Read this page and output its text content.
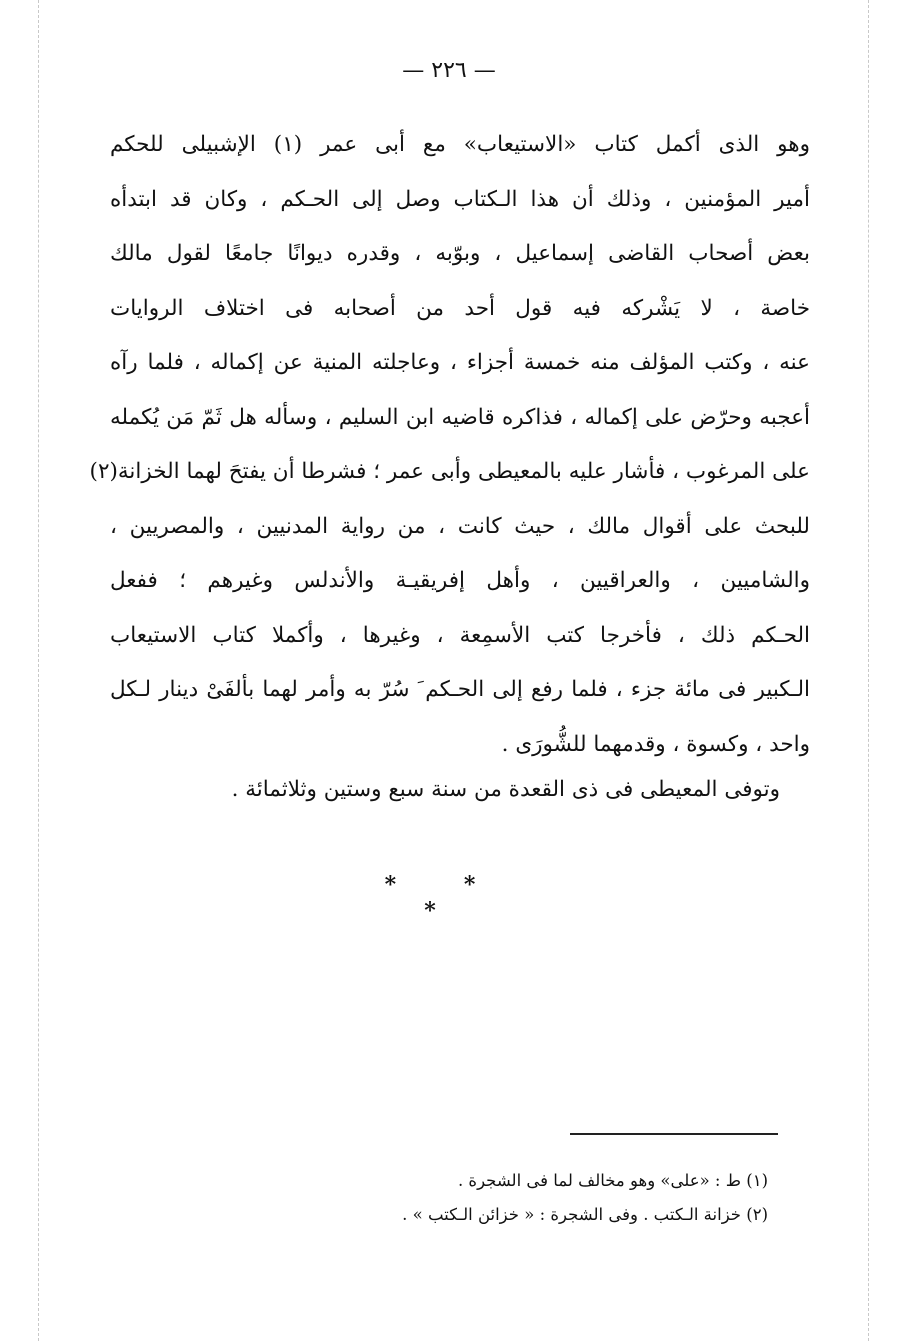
— ٢٢٦ —
وهو الذى أكمل كتاب «الاستيعاب» مع أبى عمر (١) الإشبيلى للحكم
أمير المؤمنين ، وذلك أن هذا الـكتاب وصل إلى الحـكم ، وكان قد ابتدأه
بعض أصحاب القاضى إسماعيل ، وبوّبه ، وقدره ديوانًا جامعًا لقول مالك
خاصة ، لا يَشْركه فيه قول أحد من أصحابه فى اختلاف الروايات
عنه ، وكتب المؤلف منه خمسة أجزاء ، وعاجلته المنية عن إكماله ، فلما رآه
أعجبه وحرّض على إكماله ، فذاكره قاضيه ابن السليم ، وسأله هل ثَمّ مَن يُكمله
على المرغوب ، فأشار عليه بالمعيطى وأبى عمر ؛ فشرطا أن يفتحَ لهما الخزانة(٢)
للبحث على أقوال مالك ، حيث كانت ، من رواية المدنيين ، والمصريين ،
والشاميين ، والعراقيين ، وأهل إفريقيـة والأندلس وغيرهم ؛ ففعل
الحـكم ذلك ، فأخرجا كتب الأسمِعة ، وغيرها ، وأكملا كتاب الاستيعاب
الـكبير فى مائة جزء ، فلما رفع إلى الحـكم َ سُرّ به وأمر لهما بألفَىْ دينار لـكل
واحد ، وكسوة ، وقدمهما للشُّورَى .
وتوفى المعيطى فى ذى القعدة من سنة سبع وستين وثلاثمائة .
* * *
(١) ط : «على» وهو مخالف لما فى الشجرة .
(٢) خزانة الـكتب . وفى الشجرة : « خزائن الـكتب » .
